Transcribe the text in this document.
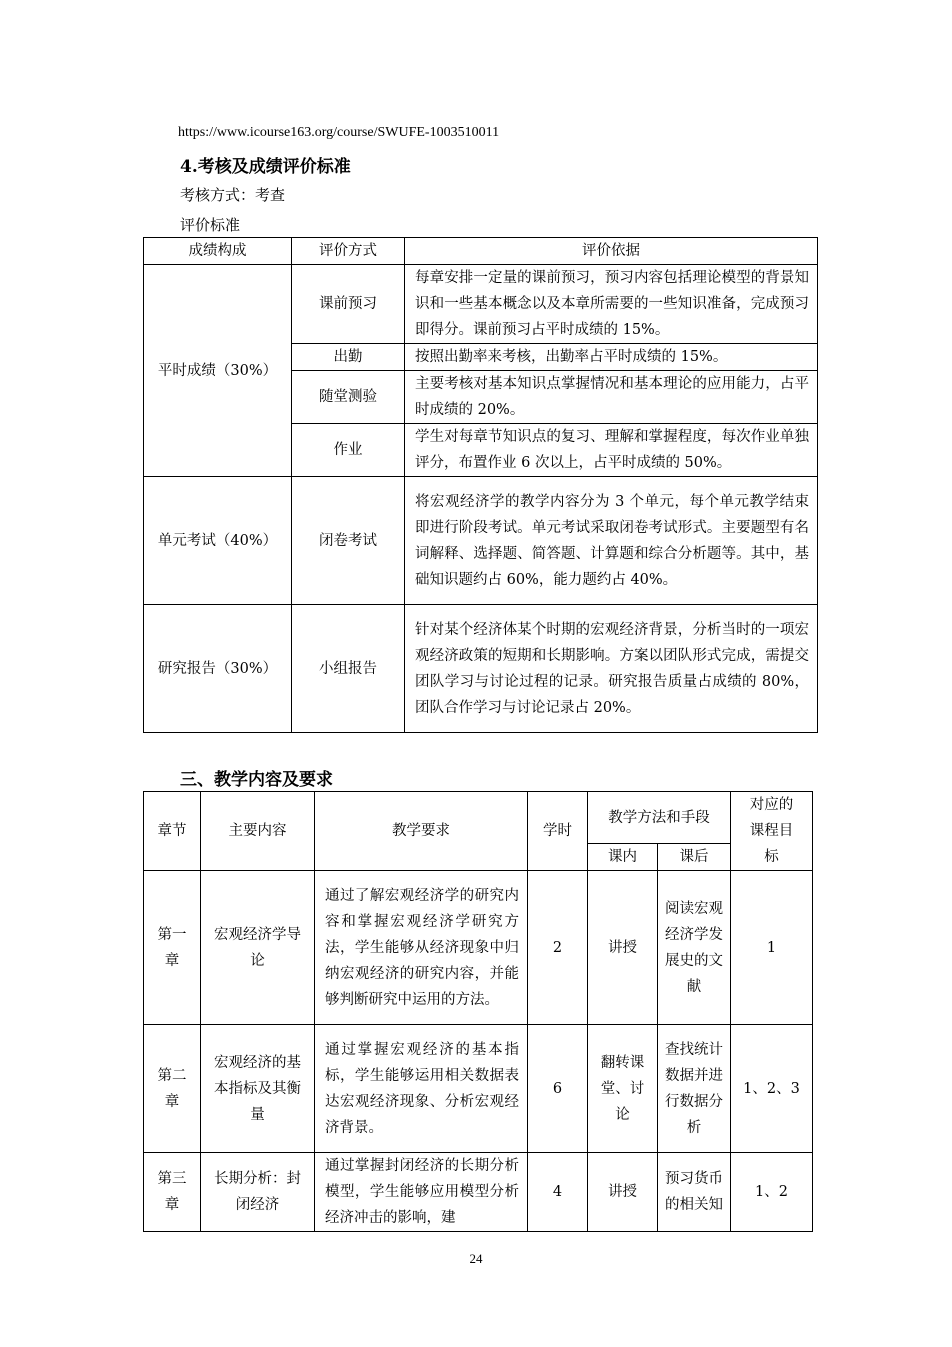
https://www.icourse163.org/course/SWUFE-1003510011
4.考核及成绩评价标准
考核方式：考查
评价标准
成绩构成	评价方式	评价依据
平时成绩（30%）	课前预习	每章安排一定量的课前预习，预习内容包括理论模型的背景知识和一些基本概念以及本章所需要的一些知识准备，完成预习即得分。课前预习占平时成绩的 15%。
	出勤	按照出勤率来考核，出勤率占平时成绩的 15%。
	随堂测验	主要考核对基本知识点掌握情况和基本理论的应用能力，占平时成绩的 20%。
	作业	学生对每章节知识点的复习、理解和掌握程度，每次作业单独评分，布置作业 6 次以上，占平时成绩的 50%。
单元考试（40%）	闭卷考试	将宏观经济学的教学内容分为 3 个单元，每个单元教学结束即进行阶段考试。单元考试采取闭卷考试形式。主要题型有名词解释、选择题、简答题、计算题和综合分析题等。其中，基础知识题约占 60%，能力题约占 40%。
研究报告（30%）	小组报告	针对某个经济体某个时期的宏观经济背景，分析当时的一项宏观经济政策的短期和长期影响。方案以团队形式完成，需提交团队学习与讨论过程的记录。研究报告质量占成绩的 80%，团队合作学习与讨论记录占 20%。
三、教学内容及要求
章节	主要内容	教学要求	学时	教学方法和手段		对应的课程目标
				课内	课后	
第一章	宏观经济学导论	通过了解宏观经济学的研究内容和掌握宏观经济学研究方法，学生能够从经济现象中归纳宏观经济的研究内容，并能够判断研究中运用的方法。	2	讲授	阅读宏观经济学发展史的文献	1
第二章	宏观经济的基本指标及其衡量	通过掌握宏观经济的基本指标，学生能够运用相关数据表达宏观经济现象、分析宏观经济背景。	6	翻转课堂、讨论	查找统计数据并进行数据分析	1、2、3
第三章	长期分析：封闭经济	通过掌握封闭经济的长期分析模型，学生能够应用模型分析经济冲击的影响，建	4	讲授	预习货币的相关知	1、2
24
